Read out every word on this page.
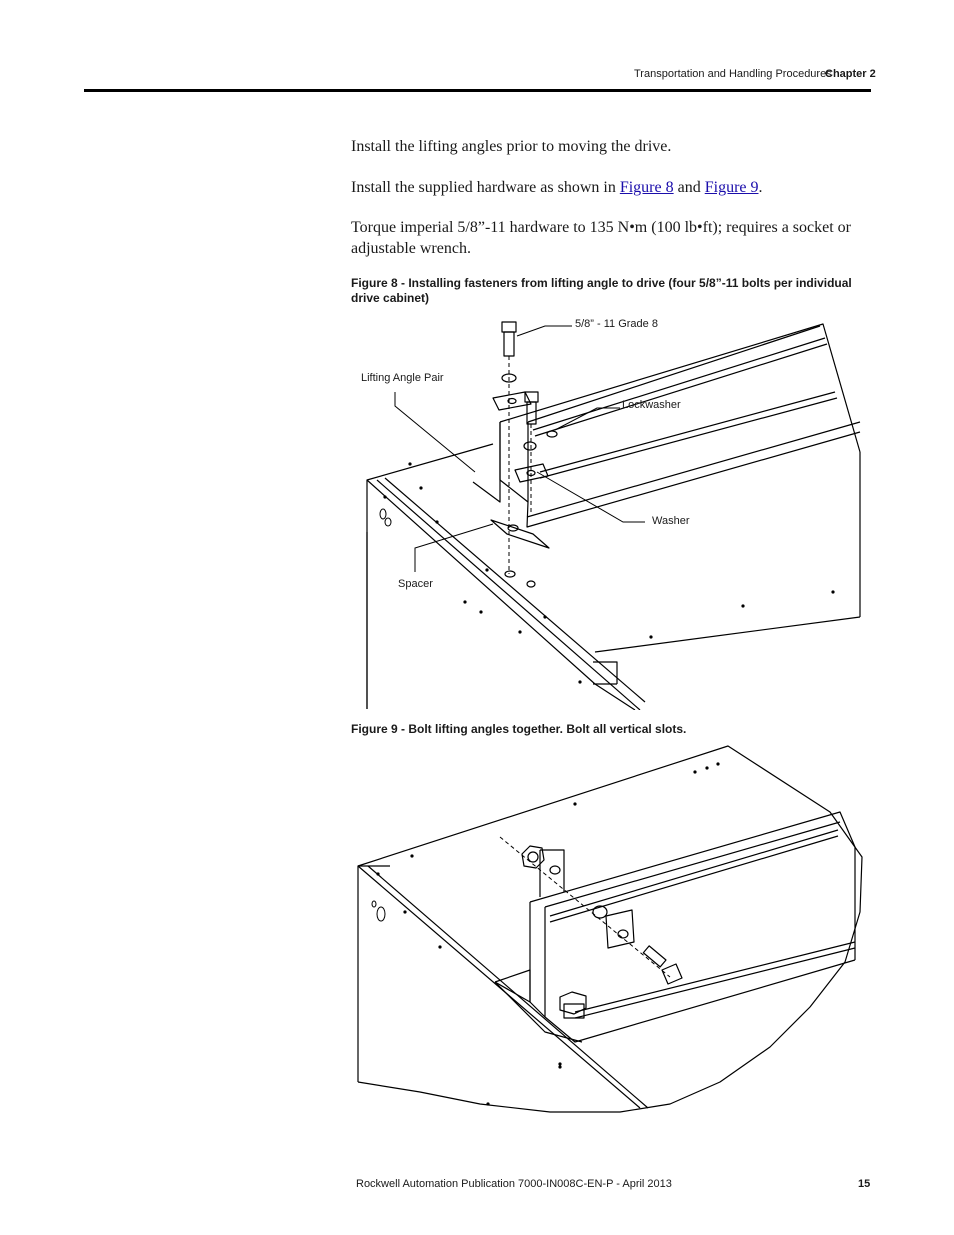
Transportation and Handling Procedures
Chapter 2
Install the lifting angles prior to moving the drive.
Install the supplied hardware as shown in Figure 8 and Figure 9.
Torque imperial 5/8”-11 hardware to 135 N•m (100 lb•ft); requires a socket or adjustable wrench.
Figure 8 - Installing fasteners from lifting angle to drive (four 5/8”-11 bolts per individual drive cabinet)
5/8” - 11 Grade 8
Lifting Angle Pair
Lockwasher
Washer
Spacer
Figure 9 - Bolt lifting angles together. Bolt all vertical slots.
Rockwell Automation Publication 7000-IN008C-EN-P - April 2013	15
